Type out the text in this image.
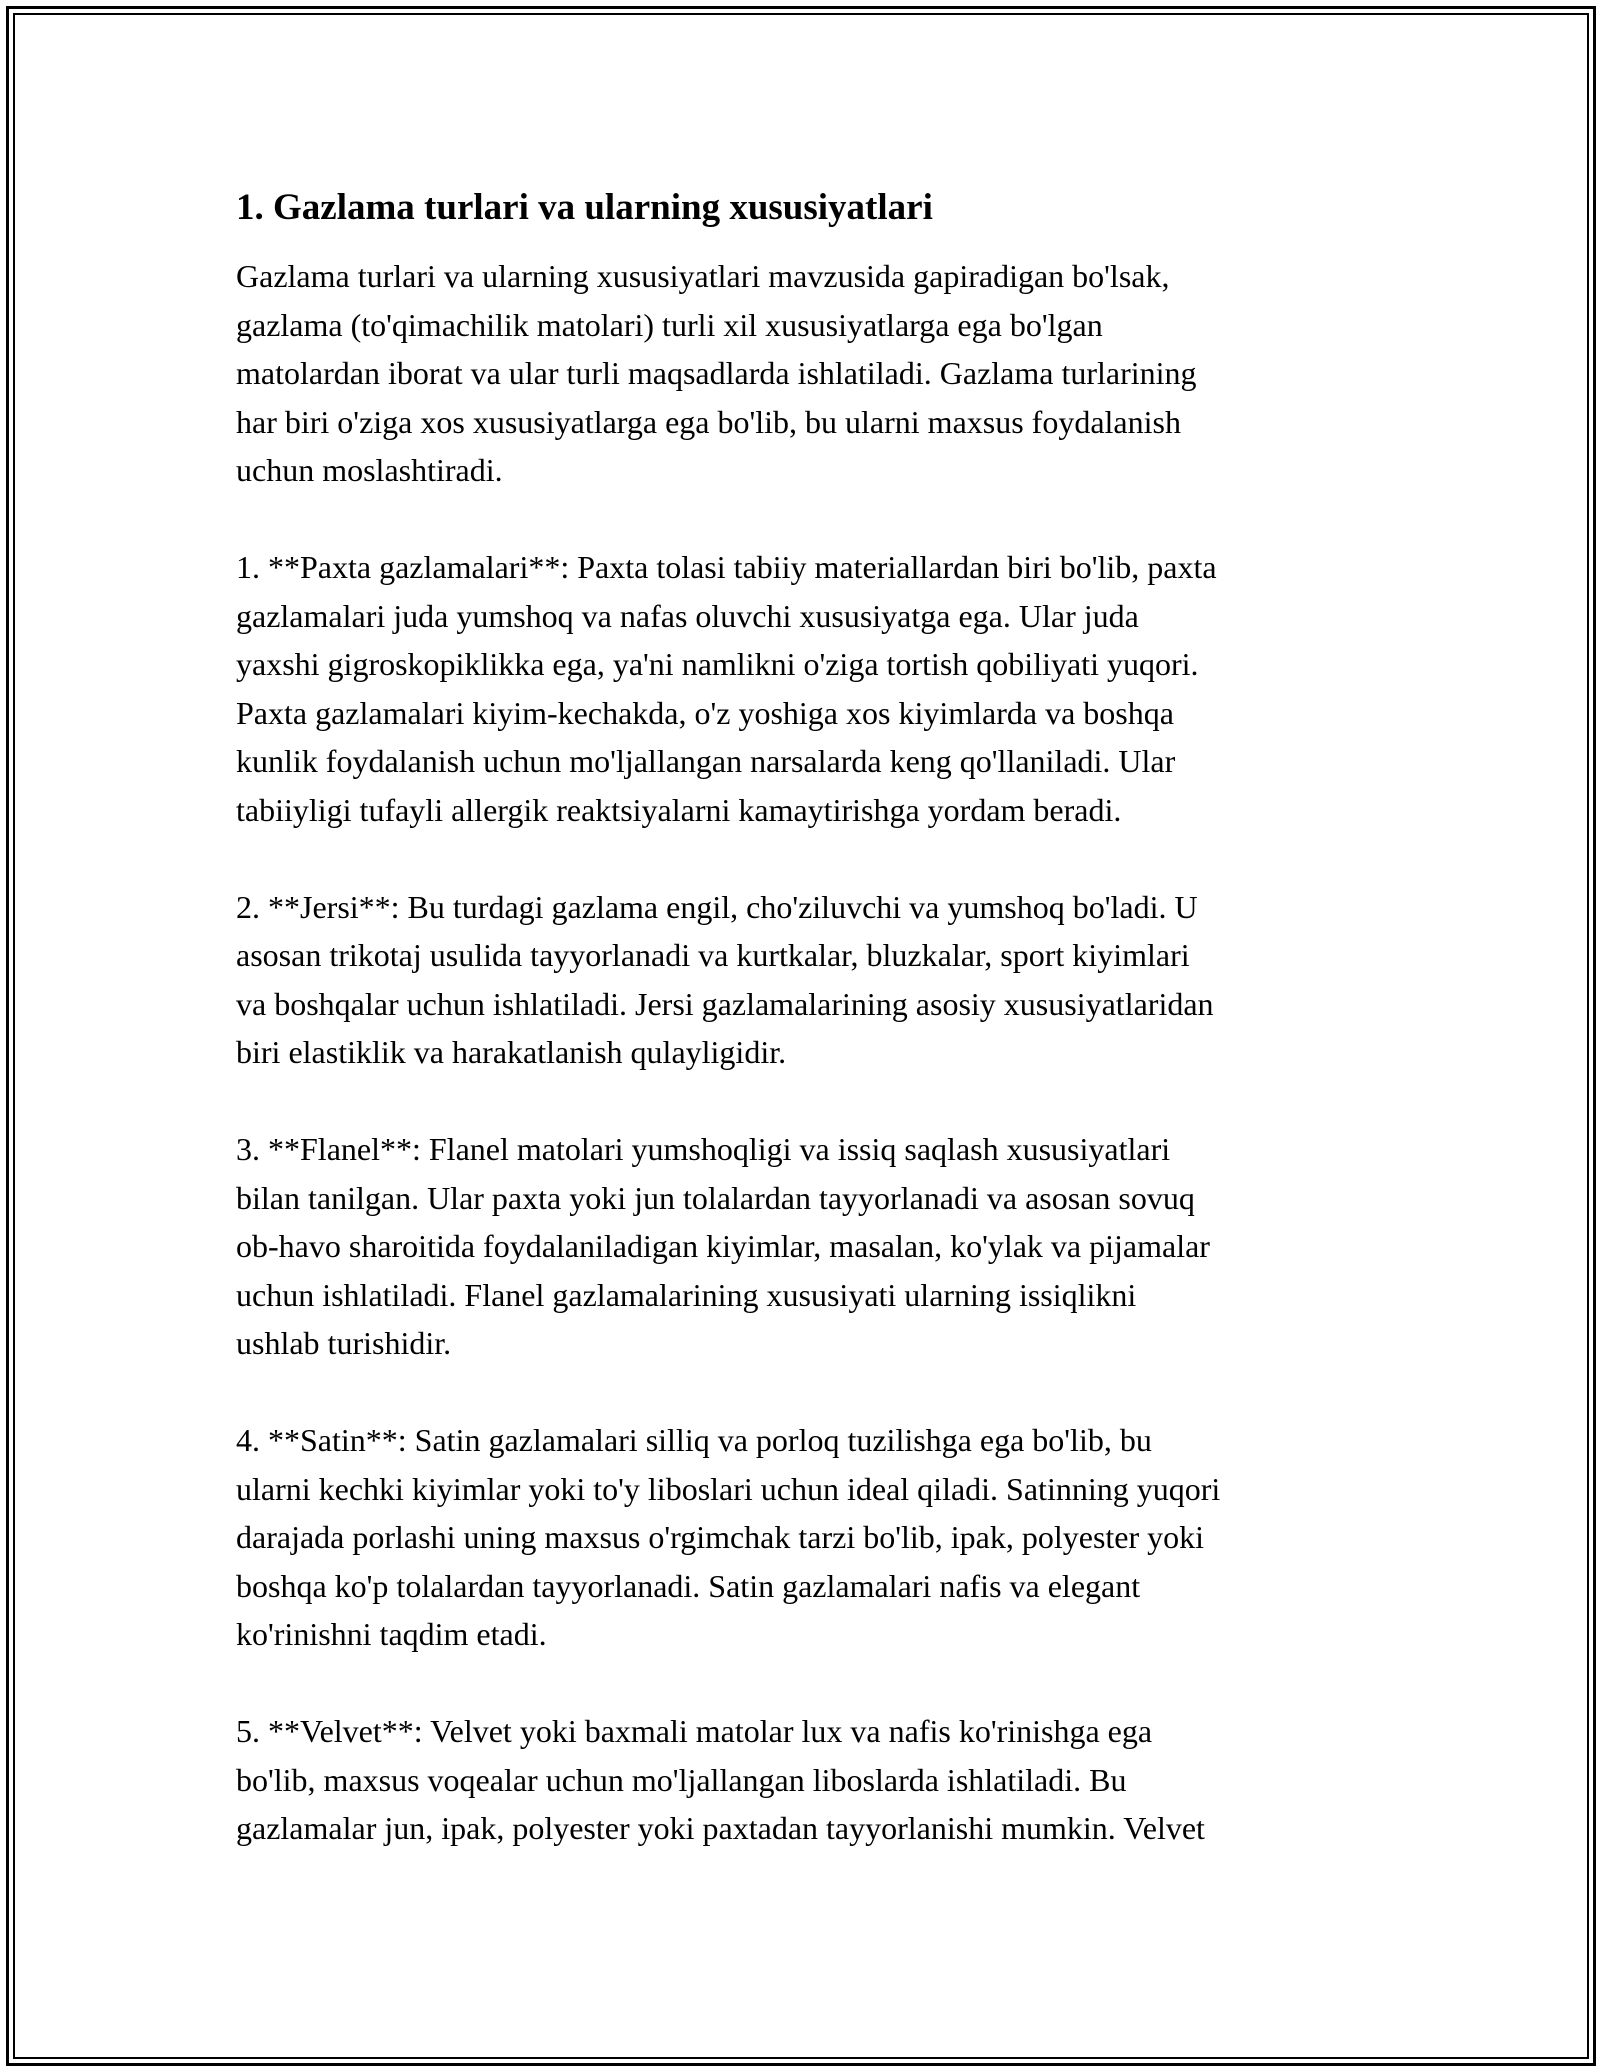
1. Gazlama turlari va ularning xususiyatlari

Gazlama turlari va ularning xususiyatlari mavzusida gapiradigan bo'lsak,
gazlama (to'qimachilik matolari) turli xil xususiyatlarga ega bo'lgan
matolardan iborat va ular turli maqsadlarda ishlatiladi. Gazlama turlarining
har biri o'ziga xos xususiyatlarga ega bo'lib, bu ularni maxsus foydalanish
uchun moslashtiradi.

1. **Paxta gazlamalari**: Paxta tolasi tabiiy materiallardan biri bo'lib, paxta
gazlamalari juda yumshoq va nafas oluvchi xususiyatga ega. Ular juda
yaxshi gigroskopiklikka ega, ya'ni namlikni o'ziga tortish qobiliyati yuqori.
Paxta gazlamalari kiyim-kechakda, o'z yoshiga xos kiyimlarda va boshqa
kunlik foydalanish uchun mo'ljallangan narsalarda keng qo'llaniladi. Ular
tabiiyligi tufayli allergik reaktsiyalarni kamaytirishga yordam beradi.

2. **Jersi**: Bu turdagi gazlama engil, cho'ziluvchi va yumshoq bo'ladi. U
asosan trikotaj usulida tayyorlanadi va kurtkalar, bluzkalar, sport kiyimlari
va boshqalar uchun ishlatiladi. Jersi gazlamalarining asosiy xususiyatlaridan
biri elastiklik va harakatlanish qulayligidir.

3. **Flanel**: Flanel matolari yumshoqligi va issiq saqlash xususiyatlari
bilan tanilgan. Ular paxta yoki jun tolalardan tayyorlanadi va asosan sovuq
ob-havo sharoitida foydalaniladigan kiyimlar, masalan, ko'ylak va pijamalar
uchun ishlatiladi. Flanel gazlamalarining xususiyati ularning issiqlikni
ushlab turishidir.

4. **Satin**: Satin gazlamalari silliq va porloq tuzilishga ega bo'lib, bu
ularni kechki kiyimlar yoki to'y liboslari uchun ideal qiladi. Satinning yuqori
darajada porlashi uning maxsus o'rgimchak tarzi bo'lib, ipak, polyester yoki
boshqa ko'p tolalardan tayyorlanadi. Satin gazlamalari nafis va elegant
ko'rinishni taqdim etadi.

5. **Velvet**: Velvet yoki baxmali matolar lux va nafis ko'rinishga ega
bo'lib, maxsus voqealar uchun mo'ljallangan liboslarda ishlatiladi. Bu
gazlamalar jun, ipak, polyester yoki paxtadan tayyorlanishi mumkin. Velvet
